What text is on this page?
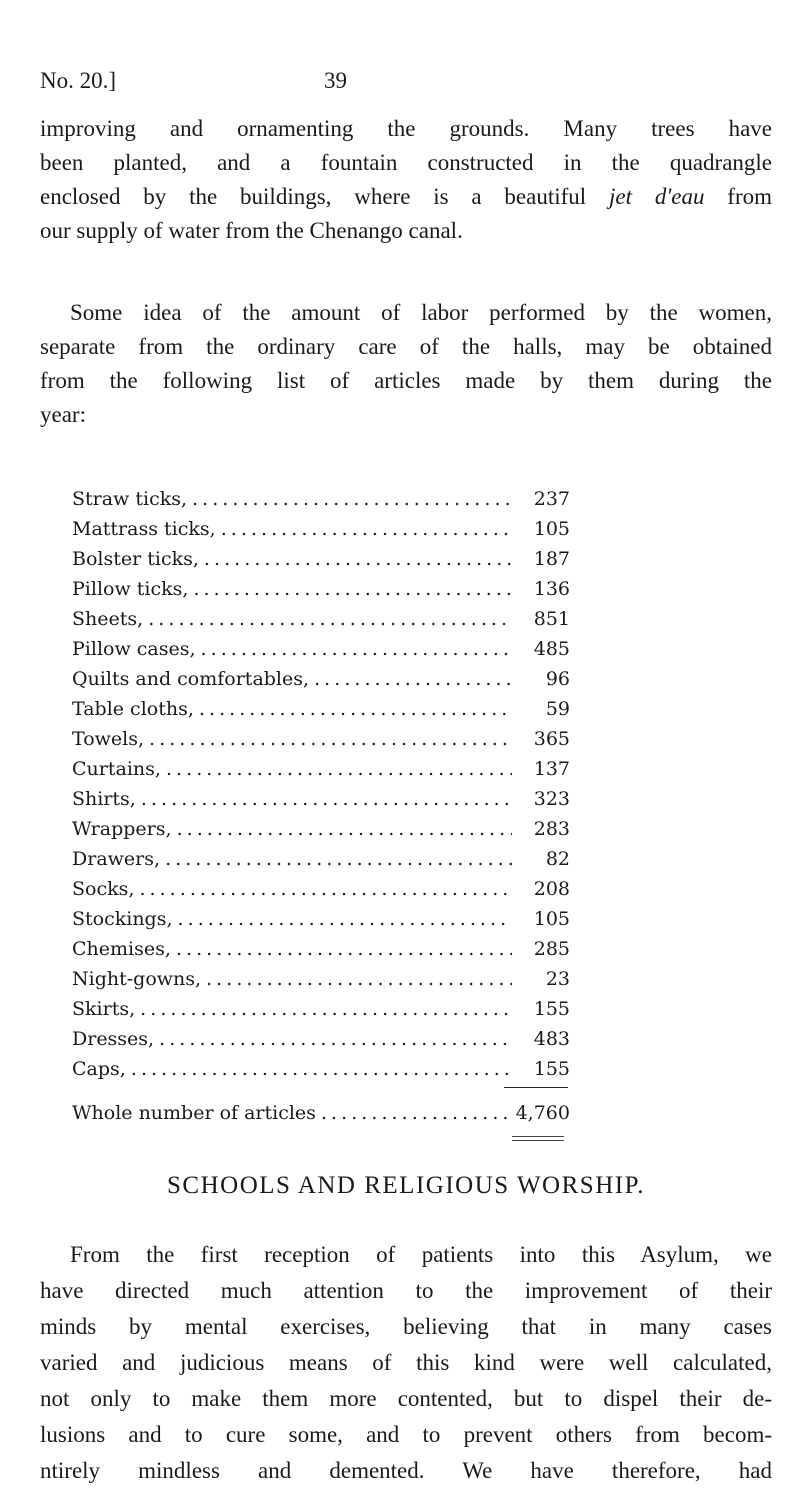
No. 20.]	39
improving and ornamenting the grounds. Many trees have
been planted, and a fountain constructed in the quadrangle
enclosed by the buildings, where is a beautiful jet d'eau from
our supply of water from the Chenango canal.
Some idea of the amount of labor performed by the women,
separate from the ordinary care of the halls, may be obtained
from the following list of articles made by them during the
year:
Straw ticks, . . .	237
Mattrass ticks, . . .	105
Bolster ticks, . . .	187
Pillow ticks, . . .	136
Sheets, . . .	851
Pillow cases, . . .	485
Quilts and comfortables, . . .	96
Table cloths, . . .	59
Towels, . . .	365
Curtains, . . .	137
Shirts, . . .	323
Wrappers, . . .	283
Drawers, . . .	82
Socks, . . .	208
Stockings, . . .	105
Chemises, . . .	285
Night-gowns, . . .	23
Skirts, . . .	155
Dresses, . . .	483
Caps, . . .	155
Whole number of articles . . .	4,760
SCHOOLS AND RELIGIOUS WORSHIP.
From the first reception of patients into this Asylum, we
have directed much attention to the improvement of their
minds by mental exercises, believing that in many cases
varied and judicious means of this kind were well calculated,
not only to make them more contented, but to dispel their de-
lusions and to cure some, and to prevent others from becom-
ntirely mindless and demented. We have therefore, had
